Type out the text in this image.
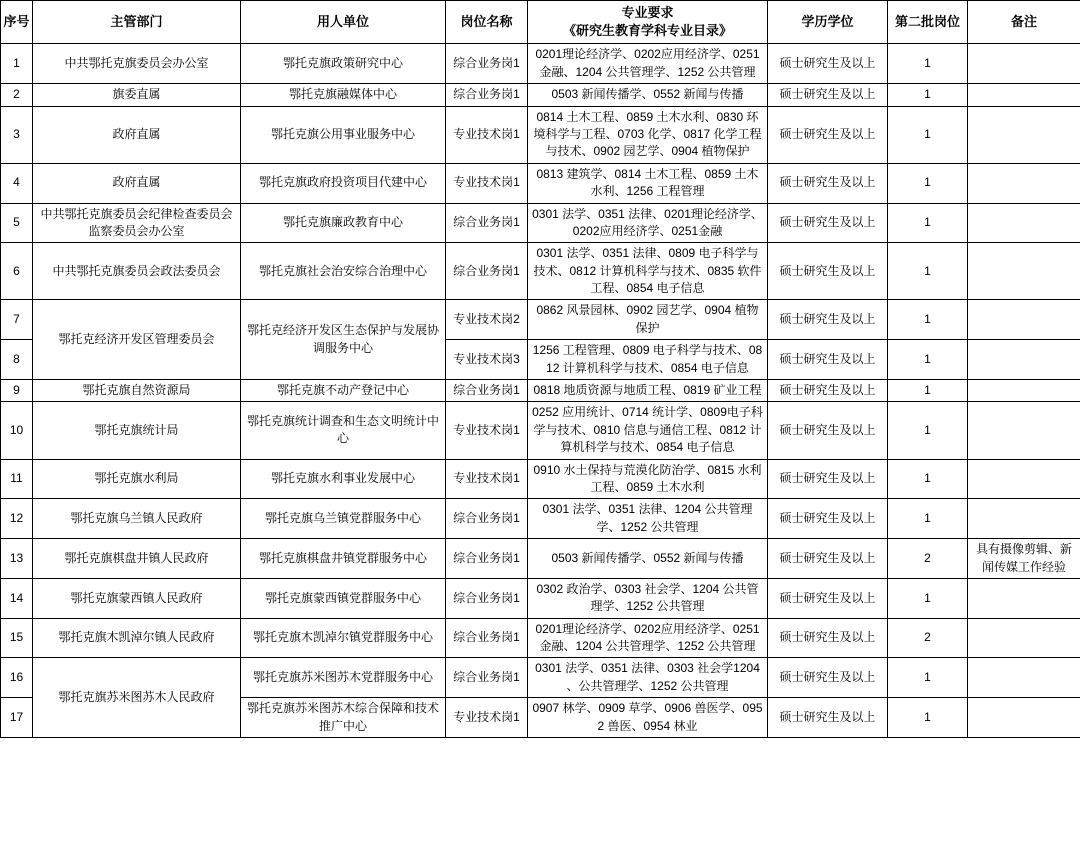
序号	主管部门	用人单位	岗位名称	专业要求
《研究生教育学科专业目录》	学历学位	第二批岗位	备注
1	中共鄂托克旗委员会办公室	鄂托克旗政策研究中心	综合业务岗1	0201理论经济学、0202应用经济学、0251金融、1204 公共管理学、1252 公共管理	硕士研究生及以上	1	
2	旗委直属	鄂托克旗融媒体中心	综合业务岗1	0503 新闻传播学、0552 新闻与传播	硕士研究生及以上	1	
3	政府直属	鄂托克旗公用事业服务中心	专业技术岗1	0814 土木工程、0859 土木水利、0830 环境科学与工程、0703 化学、0817 化学工程与技术、0902 园艺学、0904 植物保护	硕士研究生及以上	1	
4	政府直属	鄂托克旗政府投资项目代建中心	专业技术岗1	0813 建筑学、0814 土木工程、0859 土木水利、1256 工程管理	硕士研究生及以上	1	
5	中共鄂托克旗委员会纪律检查委员会监察委员会办公室	鄂托克旗廉政教育中心	综合业务岗1	0301 法学、0351 法律、0201理论经济学、0202应用经济学、0251金融	硕士研究生及以上	1	
6	中共鄂托克旗委员会政法委员会	鄂托克旗社会治安综合治理中心	综合业务岗1	0301 法学、0351 法律、0809 电子科学与技术、0812 计算机科学与技术、0835 软件工程、0854 电子信息	硕士研究生及以上	1	
7	鄂托克经济开发区管理委员会	鄂托克经济开发区生态保护与发展协调服务中心	专业技术岗2	0862 风景园林、0902 园艺学、0904 植物保护	硕士研究生及以上	1	
8			专业技术岗3	1256 工程管理、0809 电子科学与技术、0812 计算机科学与技术、0854 电子信息	硕士研究生及以上	1	
9	鄂托克旗自然资源局	鄂托克旗不动产登记中心	综合业务岗1	0818 地质资源与地质工程、0819 矿业工程	硕士研究生及以上	1	
10	鄂托克旗统计局	鄂托克旗统计调查和生态文明统计中心	专业技术岗1	0252 应用统计、0714 统计学、0809电子科学与技术、0810 信息与通信工程、0812 计算机科学与技术、0854 电子信息	硕士研究生及以上	1	
11	鄂托克旗水利局	鄂托克旗水利事业发展中心	专业技术岗1	0910 水土保持与荒漠化防治学、0815 水利工程、0859 土木水利	硕士研究生及以上	1	
12	鄂托克旗乌兰镇人民政府	鄂托克旗乌兰镇党群服务中心	综合业务岗1	0301 法学、0351 法律、1204 公共管理学、1252 公共管理	硕士研究生及以上	1	
13	鄂托克旗棋盘井镇人民政府	鄂托克旗棋盘井镇党群服务中心	综合业务岗1	0503 新闻传播学、0552 新闻与传播	硕士研究生及以上	2	具有摄像剪辑、新闻传媒工作经验
14	鄂托克旗蒙西镇人民政府	鄂托克旗蒙西镇党群服务中心	综合业务岗1	0302 政治学、0303 社会学、1204 公共管理学、1252 公共管理	硕士研究生及以上	1	
15	鄂托克旗木凯淖尔镇人民政府	鄂托克旗木凯淖尔镇党群服务中心	综合业务岗1	0201理论经济学、0202应用经济学、0251金融、1204 公共管理学、1252 公共管理	硕士研究生及以上	2	
16	鄂托克旗苏米图苏木人民政府	鄂托克旗苏米图苏木党群服务中心	综合业务岗1	0301 法学、0351 法律、0303 社会学1204 、公共管理学、1252 公共管理	硕士研究生及以上	1	
17		鄂托克旗苏米图苏木综合保障和技术推广中心	专业技术岗1	0907 林学、0909 草学、0906 兽医学、0952 兽医、0954 林业	硕士研究生及以上	1	
